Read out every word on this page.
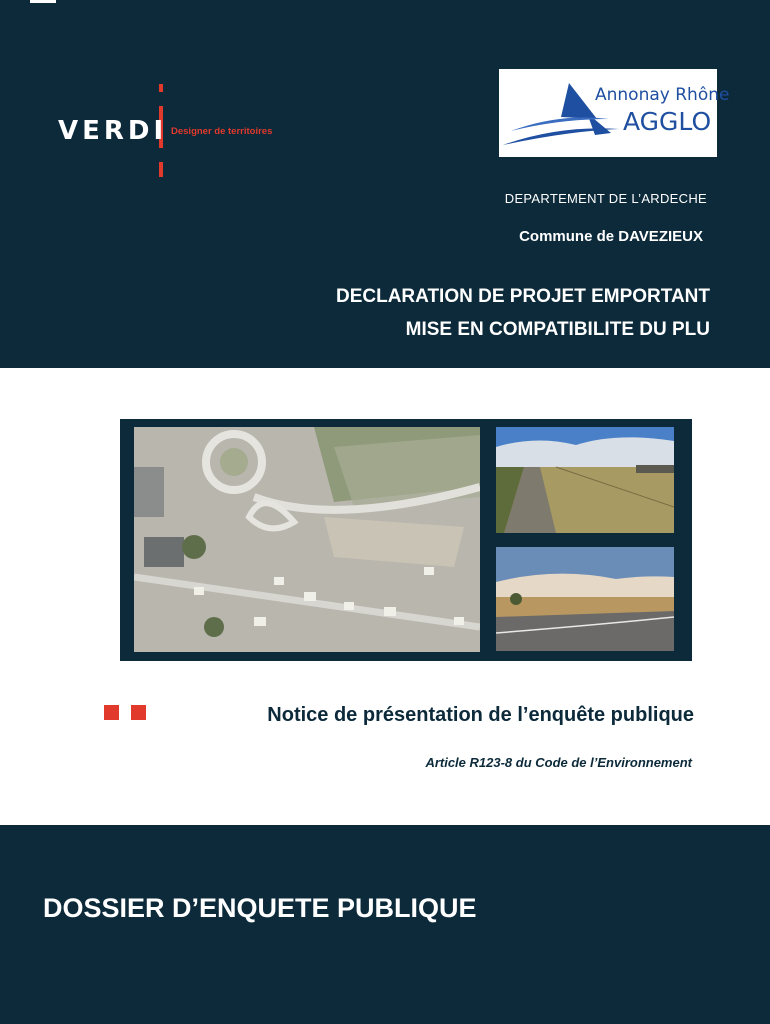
VERDI Designer de territoires
Annonay Rhône
AGGLO
DEPARTEMENT DE L’ARDECHE
Commune de DAVEZIEUX
DECLARATION DE PROJET EMPORTANT
MISE EN COMPATIBILITE DU PLU
Notice de présentation de l’enquête publique
Article R123-8 du Code de l’Environnement
DOSSIER D’ENQUETE PUBLIQUE
